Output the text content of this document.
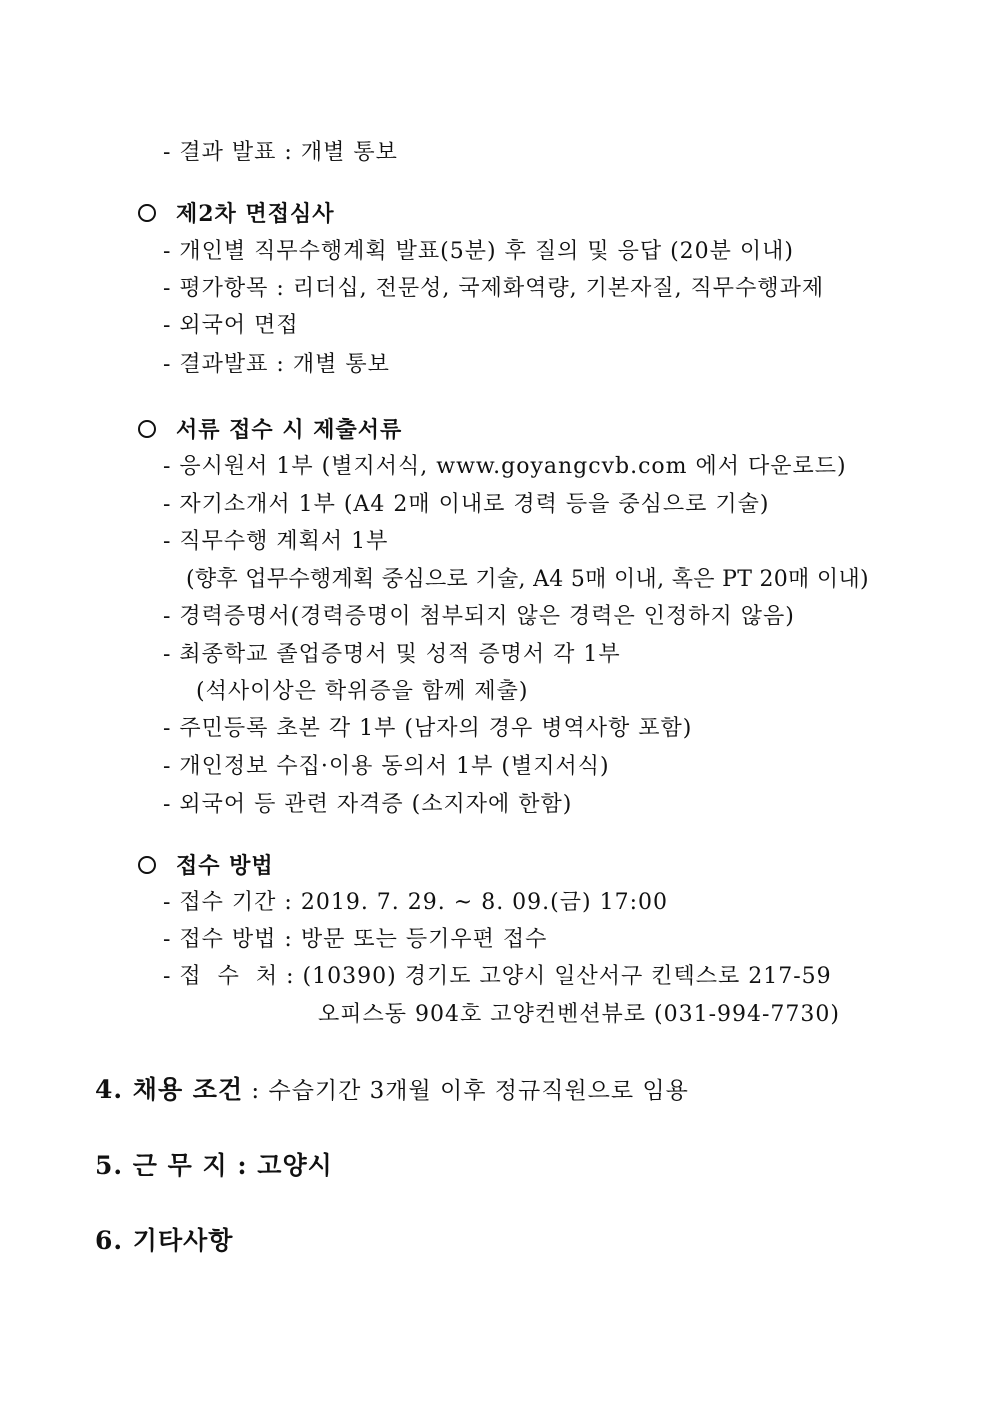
- 결과 발표 : 개별 통보
제2차 면접심사
- 개인별 직무수행계획 발표(5분) 후 질의 및 응답 (20분 이내)
- 평가항목 : 리더십, 전문성, 국제화역량, 기본자질, 직무수행과제
- 외국어 면접
- 결과발표 : 개별 통보
서류 접수 시 제출서류
- 응시원서 1부 (별지서식, www.goyangcvb.com 에서 다운로드)
- 자기소개서 1부 (A4 2매 이내로 경력 등을 중심으로 기술)
- 직무수행 계획서 1부
(향후 업무수행계획 중심으로 기술, A4 5매 이내, 혹은 PT 20매 이내)
- 경력증명서(경력증명이 첨부되지 않은 경력은 인정하지 않음)
- 최종학교 졸업증명서 및 성적 증명서 각 1부
(석사이상은 학위증을 함께 제출)
- 주민등록 초본 각 1부 (남자의 경우 병역사항 포함)
- 개인정보 수집·이용 동의서 1부 (별지서식)
- 외국어 등 관련 자격증 (소지자에 한함)
접수 방법
- 접수 기간 : 2019. 7. 29. ~ 8. 09.(금) 17:00
- 접수 방법 : 방문 또는 등기우편 접수
- 접  수  처 : (10390) 경기도 고양시 일산서구 킨텍스로 217-59
오피스동 904호 고양컨벤션뷰로 (031-994-7730)
4. 채용 조건 : 수습기간 3개월 이후 정규직원으로 임용
5. 근 무 지 : 고양시
6. 기타사항
